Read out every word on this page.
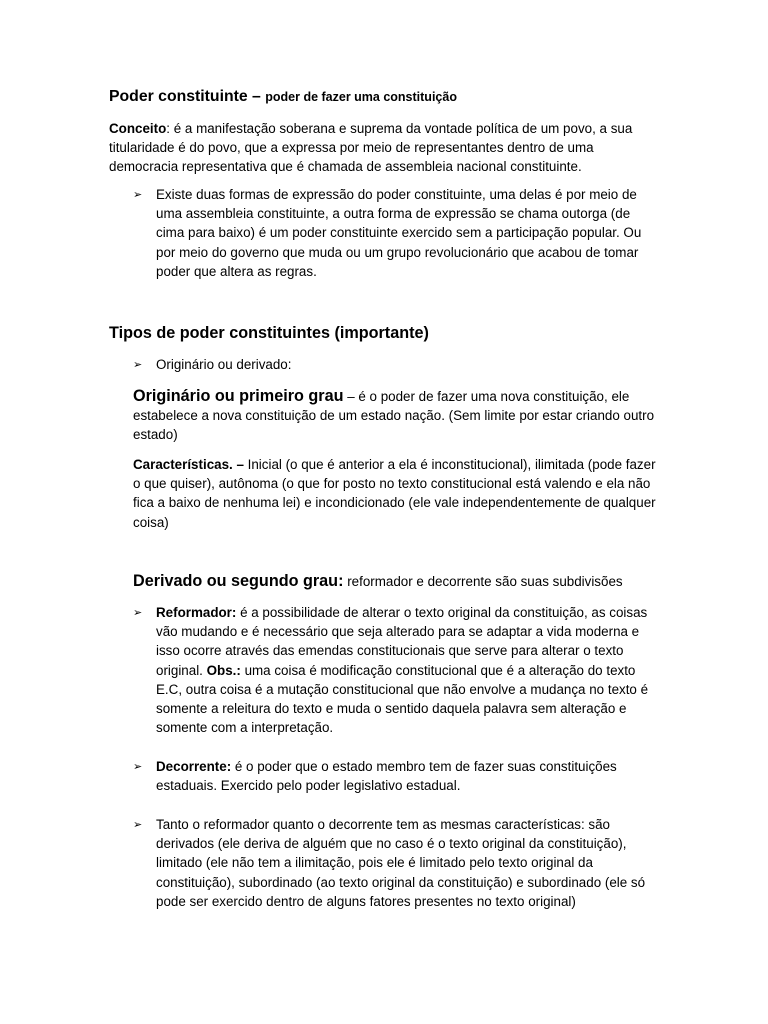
Poder constituinte – poder de fazer uma constituição
Conceito: é a manifestação soberana e suprema da vontade política de um povo, a sua titularidade é do povo, que a expressa por meio de representantes dentro de uma democracia representativa que é chamada de assembleia nacional constituinte.
➢ Existe duas formas de expressão do poder constituinte, uma delas é por meio de uma assembleia constituinte, a outra forma de expressão se chama outorga (de cima para baixo) é um poder constituinte exercido sem a participação popular. Ou por meio do governo que muda ou um grupo revolucionário que acabou de tomar poder que altera as regras.
Tipos de poder constituintes (importante)
➢ Originário ou derivado:
Originário ou primeiro grau – é o poder de fazer uma nova constituição, ele estabelece a nova constituição de um estado nação. (Sem limite por estar criando outro estado)
Características. – Inicial (o que é anterior a ela é inconstitucional), ilimitada (pode fazer o que quiser), autônoma (o que for posto no texto constitucional está valendo e ela não fica a baixo de nenhuma lei) e incondicionado (ele vale independentemente de qualquer coisa)
Derivado ou segundo grau: reformador e decorrente são suas subdivisões
➢ Reformador: é a possibilidade de alterar o texto original da constituição, as coisas vão mudando e é necessário que seja alterado para se adaptar a vida moderna e isso ocorre através das emendas constitucionais que serve para alterar o texto original. Obs.: uma coisa é modificação constitucional que é a alteração do texto E.C, outra coisa é a mutação constitucional que não envolve a mudança no texto é somente a releitura do texto e muda o sentido daquela palavra sem alteração e somente com a interpretação.
➢ Decorrente: é o poder que o estado membro tem de fazer suas constituições estaduais. Exercido pelo poder legislativo estadual.
➢ Tanto o reformador quanto o decorrente tem as mesmas características: são derivados (ele deriva de alguém que no caso é o texto original da constituição), limitado (ele não tem a ilimitação, pois ele é limitado pelo texto original da constituição), subordinado (ao texto original da constituição) e subordinado (ele só pode ser exercido dentro de alguns fatores presentes no texto original)
